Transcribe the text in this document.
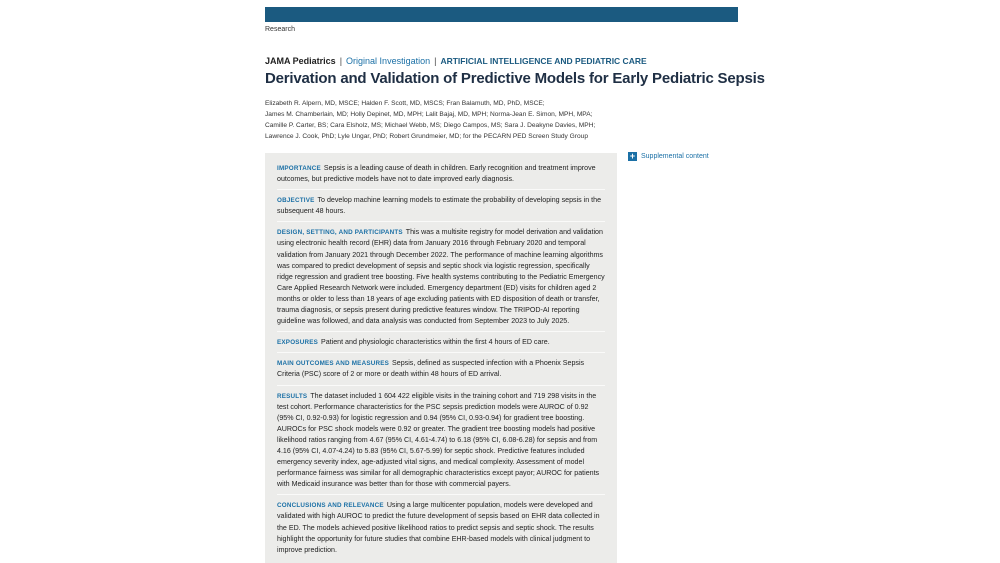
Research
JAMA Pediatrics | Original Investigation | ARTIFICIAL INTELLIGENCE AND PEDIATRIC CARE
Derivation and Validation of Predictive Models for Early Pediatric Sepsis
Elizabeth R. Alpern, MD, MSCE; Halden F. Scott, MD, MSCS; Fran Balamuth, MD, PhD, MSCE;
James M. Chamberlain, MD; Holly Depinet, MD, MPH; Lalit Bajaj, MD, MPH; Norma-Jean E. Simon, MPH, MPA;
Camille P. Carter, BS; Cara Elsholz, MS; Michael Webb, MS; Diego Campos, MS; Sara J. Deakyne Davies, MPH;
Lawrence J. Cook, PhD; Lyle Ungar, PhD; Robert Grundmeier, MD; for the PECARN PED Screen Study Group
+ Supplemental content

IMPORTANCE Sepsis is a leading cause of death in children. Early recognition and treatment improve outcomes, but predictive models have not to date improved early diagnosis.

OBJECTIVE To develop machine learning models to estimate the probability of developing sepsis in the subsequent 48 hours.

DESIGN, SETTING, AND PARTICIPANTS This was a multisite registry for model derivation and validation using electronic health record (EHR) data from January 2016 through February 2020 and temporal validation from January 2021 through December 2022. The performance of machine learning algorithms was compared to predict development of sepsis and septic shock via logistic regression, specifically ridge regression and gradient tree boosting. Five health systems contributing to the Pediatric Emergency Care Applied Research Network were included. Emergency department (ED) visits for children aged 2 months or older to less than 18 years of age excluding patients with ED disposition of death or transfer, trauma diagnosis, or sepsis present during predictive features window. The TRIPOD-AI reporting guideline was followed, and data analysis was conducted from September 2023 to July 2025.

EXPOSURES Patient and physiologic characteristics within the first 4 hours of ED care.

MAIN OUTCOMES AND MEASURES Sepsis, defined as suspected infection with a Phoenix Sepsis Criteria (PSC) score of 2 or more or death within 48 hours of ED arrival.

RESULTS The dataset included 1 604 422 eligible visits in the training cohort and 719 298 visits in the test cohort. Performance characteristics for the PSC sepsis prediction models were AUROC of 0.92 (95% CI, 0.92-0.93) for logistic regression and 0.94 (95% CI, 0.93-0.94) for gradient tree boosting. AUROCs for PSC shock models were 0.92 or greater. The gradient tree boosting models had positive likelihood ratios ranging from 4.67 (95% CI, 4.61-4.74) to 6.18 (95% CI, 6.08-6.28) for sepsis and from 4.16 (95% CI, 4.07-4.24) to 5.83 (95% CI, 5.67-5.99) for septic shock. Predictive features included emergency severity index, age-adjusted vital signs, and medical complexity. Assessment of model performance fairness was similar for all demographic characteristics except payor; AUROC for patients with Medicaid insurance was better than for those with commercial payers.

CONCLUSIONS AND RELEVANCE Using a large multicenter population, models were developed and validated with high AUROC to predict the future development of sepsis based on EHR data collected in the ED. The models achieved positive likelihood ratios to predict sepsis and septic shock. The results highlight the opportunity for future studies that combine EHR-based models with clinical judgment to improve prediction.
